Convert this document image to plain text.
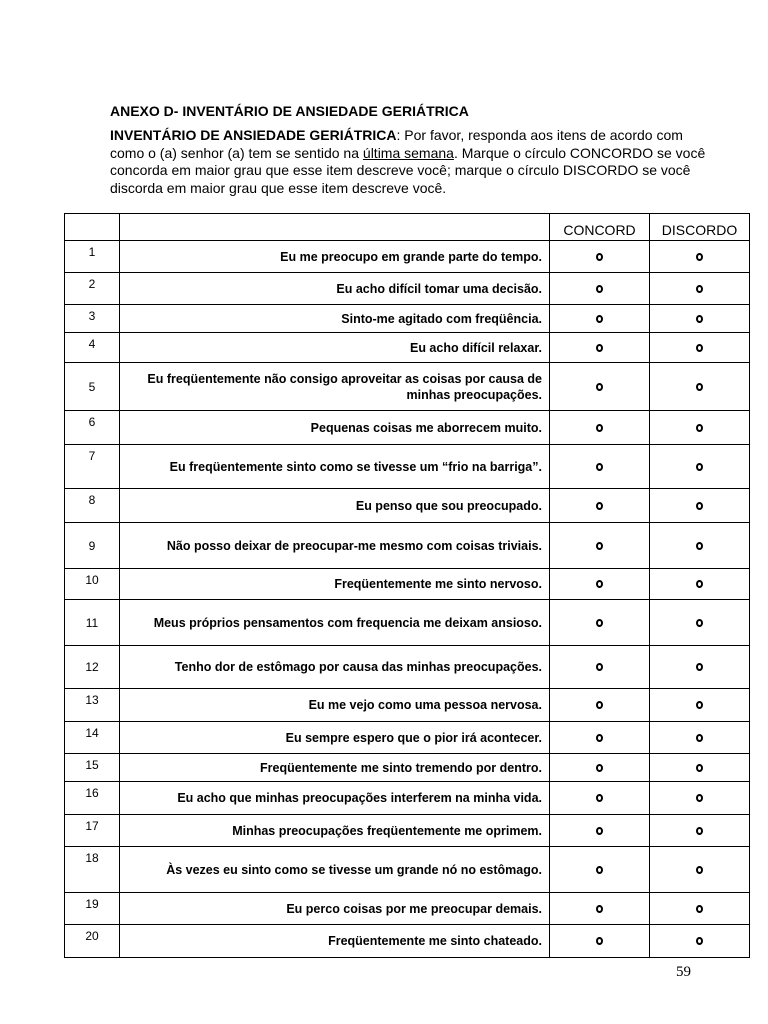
ANEXO D- INVENTÁRIO DE ANSIEDADE GERIÁTRICA
INVENTÁRIO DE ANSIEDADE GERIÁTRICA: Por favor, responda aos itens de acordo com como o (a) senhor (a) tem se sentido na última semana. Marque o círculo CONCORDO se você concorda em maior grau que esse item descreve você; marque o círculo DISCORDO se você discorda em maior grau que esse item descreve você.
		CONCORD	DISCORDO
1	Eu me preocupo em grande parte do tempo.		
2	Eu acho difícil tomar uma decisão.		
3	Sinto-me agitado com freqüência.		
4	Eu acho difícil relaxar.		
5	Eu freqüentemente não consigo aproveitar as coisas por causa de minhas preocupações.		
6	Pequenas coisas me aborrecem muito.		
7	Eu freqüentemente sinto como se tivesse um “frio na barriga”.		
8	Eu penso que sou preocupado.		
9	Não posso deixar de preocupar-me mesmo com coisas triviais.		
10	Freqüentemente me sinto nervoso.		
11	Meus próprios pensamentos com frequencia me deixam ansioso.		
12	Tenho dor de estômago por causa das minhas preocupações.		
13	Eu me vejo como uma pessoa nervosa.		
14	Eu sempre espero que o pior irá acontecer.		
15	Freqüentemente me sinto tremendo por dentro.		
16	Eu acho que minhas preocupações interferem na minha vida.		
17	Minhas preocupações freqüentemente me oprimem.		
18	Às vezes eu sinto como se tivesse um grande nó no estômago.		
19	Eu perco coisas por me preocupar demais.		
20	Freqüentemente me sinto chateado.		
59
